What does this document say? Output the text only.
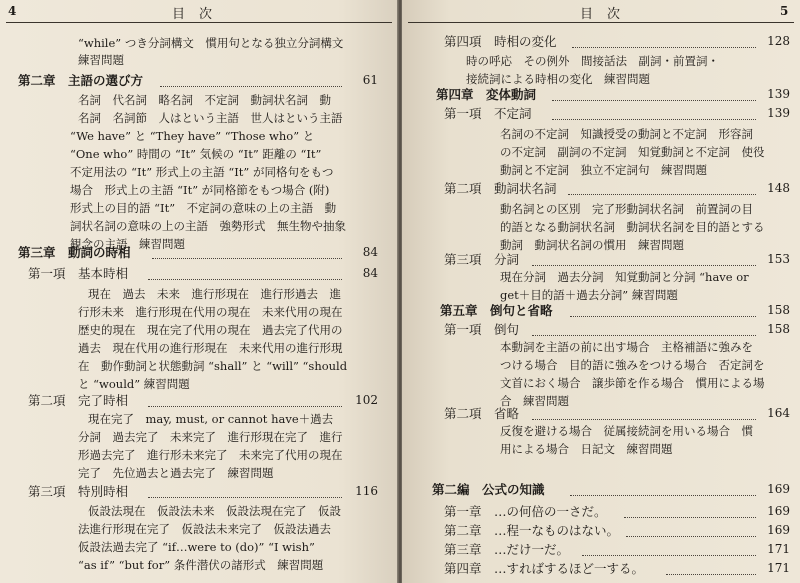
4	目次
“while” つき分詞構文　慣用句となる独立分詞構文
練習問題
第二章　主語の選び方	61
名詞　代名詞　略名詞　不定詞　動詞状名詞　動
名詞　名詞節　人はという主語　世人はという主語
“We have” と “They have” “Those who” と
“One who” 時間の “It” 気候の “It” 距離の “It”
不定用法の “It” 形式上の主語 “It” が同格句をもつ
場合　形式上の主語 “It” が同格節をもつ場合 (附)
形式上の目的語 “It”　不定詞の意味の上の主語　動
詞状名詞の意味の上の主語　強勢形式　無生物や抽象
観念の主語　練習問題
第三章　動詞の時相	84
第一項　基本時相	84
現在　過去　未来　進行形現在　進行形過去　進
行形未来　進行形現在代用の現在　未来代用の現在
歴史的現在　現在完了代用の現在　過去完了代用の
過去　現在代用の進行形現在　未来代用の進行形現
在　動作動詞と状態動詞 “shall” と “will” “should
と “would” 練習問題
第二項　完了時相	102
現在完了　may, must, or cannot have＋過去
分詞　過去完了　未来完了　進行形現在完了　進行
形過去完了　進行形未来完了　未来完了代用の現在
完了　先位過去と過去完了　練習問題
第三項　特別時相	116
仮設法現在　仮設法未来　仮設法現在完了　仮設
法進行形現在完了　仮設法未来完了　仮設法過去
仮設法過去完了 “if…were to (do)” “I wish”
“as if” “but for” 条件潜伏の諸形式　練習問題
目次	5
第四項　時相の変化	128
時の呼応　その例外　間接話法　副詞・前置詞・
接続詞による時相の変化　練習問題
第四章　変体動詞	139
第一項　不定詞	139
名詞の不定詞　知識授受の動詞と不定詞　形容詞
の不定詞　副詞の不定詞　知覚動詞と不定詞　使役
動詞と不定詞　独立不定詞句　練習問題
第二項　動詞状名詞	148
動名詞との区別　完了形動詞状名詞　前置詞の目
的語となる動詞状名詞　動詞状名詞を目的語とする
動詞　動詞状名詞の慣用　練習問題
第三項　分詞	153
現在分詞　過去分詞　知覚動詞と分詞 “have or
get＋目的語＋過去分詞” 練習問題
第五章　倒句と省略	158
第一項　倒句	158
本動詞を主語の前に出す場合　主格補語に強みを
つける場合　目的語に強みをつける場合　否定詞を
文首におく場合　譲歩節を作る場合　慣用による場
合　練習問題
第二項　省略	164
反復を避ける場合　従属接続詞を用いる場合　慣
用による場合　日記文　練習問題
第二編　公式の知識	169
第一章　…の何倍の一さだ。	169
第二章　…程一なものはない。	169
第三章　…だけ一だ。	171
第四章　…すればするほど一する。	171
